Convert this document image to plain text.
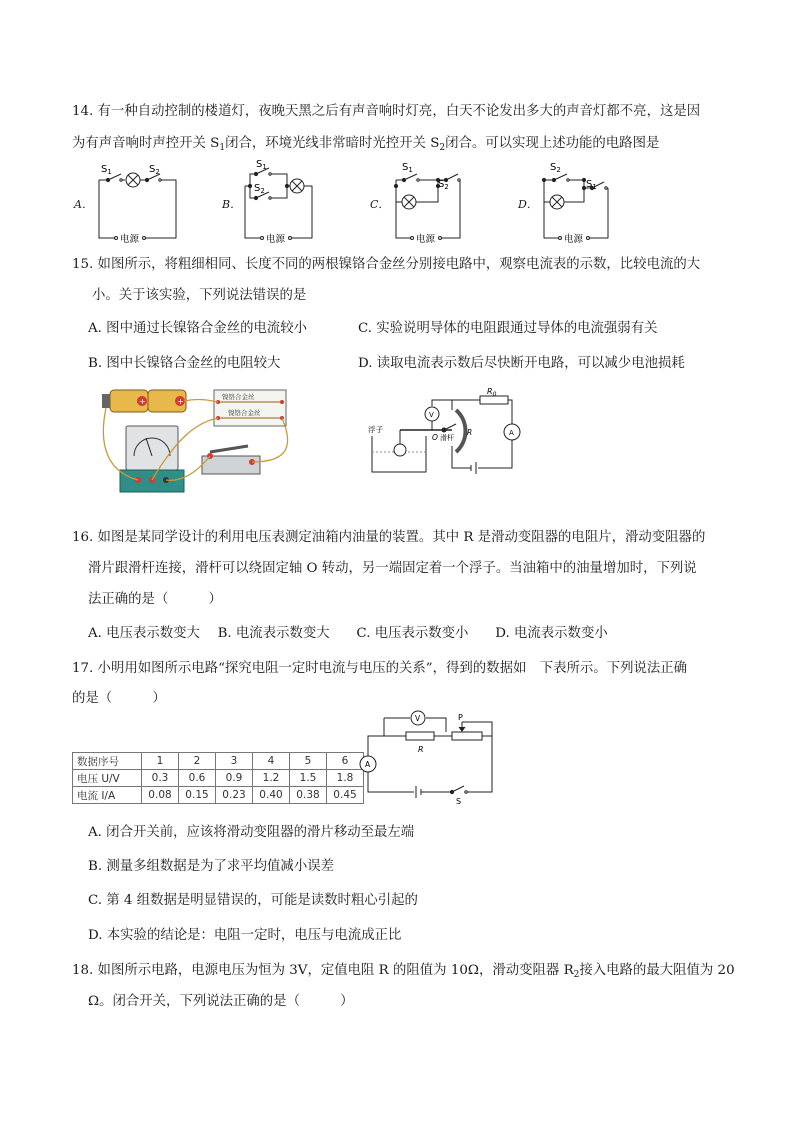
14. 有一种自动控制的楼道灯，夜晚天黑之后有声音响时灯亮，白天不论发出多大的声音灯都不亮，这是因
为有声音响时声控开关 $S_1$闭合，环境光线非常暗时光控开关 $S_2$闭合。可以实现上述功能的电路图是
A．
$S_1$	$S_2$
电源
B．
$S_1$
$S_2$
电源
C．
$S_1$
$S_2$
电源
D．
$S_2$
$S_1$
电源
15. 如图所示，将粗细相同、长度不同的两根镍铬合金丝分别接电路中，观察电流表的示数，比较电流的大
小。关于该实验，下列说法错误的是
A. 图中通过长镍铬合金丝的电流较小	C. 实验说明导体的电阻跟通过导体的电流强弱有关
B. 图中长镍铬合金丝的电阻较大	D. 读取电流表示数后尽快断开电路，可以减少电池损耗
+	+	镍铬合金丝
镍铬合金丝
$R_0$
V
A
浮子
O 滑杆
R
16. 如图是某同学设计的利用电压表测定油箱内油量的装置。其中 R 是滑动变阻器的电阻片，滑动变阻器的
滑片跟滑杆连接，滑杆可以绕固定轴 O 转动，另一端固定着一个浮子。当油箱中的油量增加时，下列说
法正确的是（　　　）
A. 电压表示数变大　 B. 电流表示数变大　　C. 电压表示数变小　　D. 电流表示数变小
17. 小明用如图所示电路“探究电阻一定时电流与电压的关系”，得到的数据如　下表所示。下列说法正确
的是（　　　）
数据序号	1	2	3	4	5	6
电压 U/V	0.3	0.6	0.9	1.2	1.5	1.8
电流 I/A	0.08	0.15	0.23	0.40	0.38	0.45
V
A
P
R
S
A. 闭合开关前，应该将滑动变阻器的滑片移动至最左端
B. 测量多组数据是为了求平均值减小误差
C. 第 4 组数据是明显错误的，可能是读数时粗心引起的
D. 本实验的结论是：电阻一定时，电压与电流成正比
18. 如图所示电路，电源电压为恒为 3V，定值电阻 R 的阻值为 10Ω，滑动变阻器 $R_2$接入电路的最大阻值为 20
Ω。闭合开关，下列说法正确的是（　　　）
